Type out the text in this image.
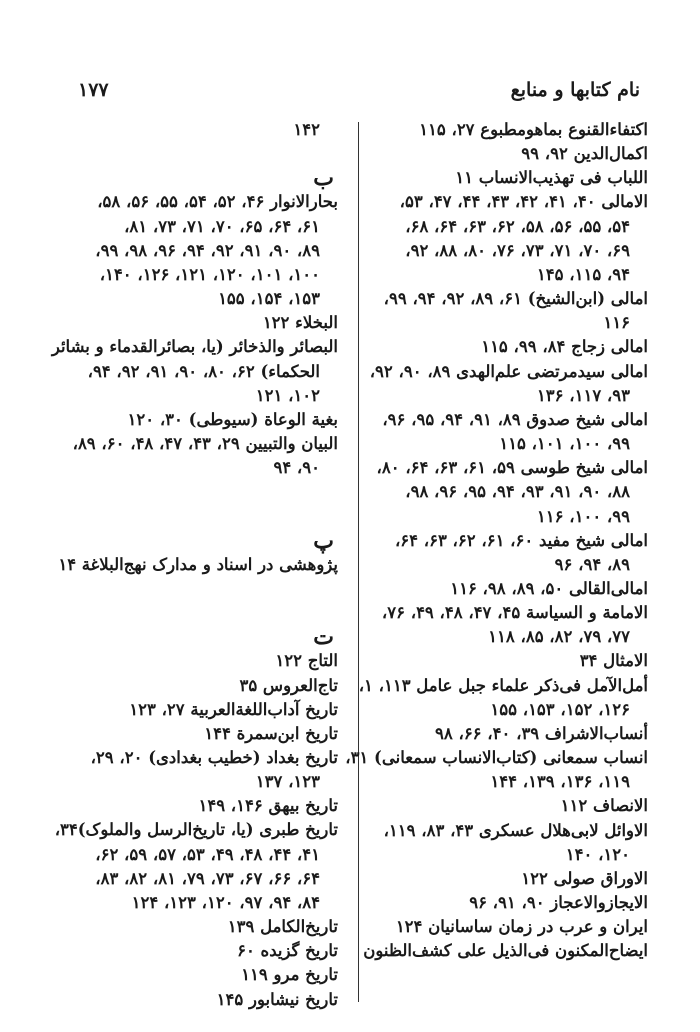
نام کتابها و منابع
۱۷۷
اکتفاءالقنوع بماهومطبوع ۲۷، ۱۱۵
اکمال‌الدین ۹۲، ۹۹
اللباب فی تهذیب‌الانساب ۱۱
الامالی ۴۰، ۴۱، ۴۲، ۴۳، ۴۴، ۴۷، ۵۳،
۵۴، ۵۵، ۵۶، ۵۸، ۶۲، ۶۳، ۶۴، ۶۸،
۶۹، ۷۰، ۷۱، ۷۳، ۷۶، ۸۰، ۸۸، ۹۲،
۹۴، ۱۱۵، ۱۴۵
امالی (ابن‌الشیخ) ۶۱، ۸۹، ۹۲، ۹۴، ۹۹،
۱۱۶
امالی زجاج ۸۴، ۹۹، ۱۱۵
امالی سیدمرتضی علم‌الهدی ۸۹، ۹۰، ۹۲،
۹۳، ۱۱۷، ۱۳۶
امالی شیخ صدوق ۸۹، ۹۱، ۹۴، ۹۵، ۹۶،
۹۹، ۱۰۰، ۱۰۱، ۱۱۵
امالی شیخ طوسی ۵۹، ۶۱، ۶۳، ۶۴، ۸۰،
۸۸، ۹۰، ۹۱، ۹۳، ۹۴، ۹۵، ۹۶، ۹۸،
۹۹، ۱۰۰، ۱۱۶
امالی شیخ مفید ۶۰، ۶۱، ۶۲، ۶۳، ۶۴،
۸۹، ۹۴، ۹۶
امالی‌القالی ۵۰، ۸۹، ۹۸، ۱۱۶
الامامة و السیاسة ۴۵، ۴۷، ۴۸، ۴۹، ۷۶،
۷۷، ۷۹، ۸۲، ۸۵، ۱۱۸
الامثال ۳۴
أمل‌الآمل فی‌ذکر علماء جبل عامل ۱۱۳، ۱،
۱۲۶، ۱۵۲، ۱۵۳، ۱۵۵
أنساب‌الاشراف ۳۹، ۴۰، ۶۶، ۹۸
انساب سمعانی (کتاب‌الانساب سمعانی) ۳۱،
۱۱۹، ۱۳۶، ۱۳۹، ۱۴۴
الانصاف ۱۱۲
الاوائل لابی‌هلال عسکری ۴۳، ۸۳، ۱۱۹،
۱۲۰، ۱۴۰
الاوراق صولی ۱۲۲
الایجازوالاعجاز ۹۰، ۹۱، ۹۶
ایران و عرب در زمان ساسانیان ۱۲۴
ایضاح‌المکنون فی‌الذیل علی کشف‌الظنون
۱۴۲
ب
بحارالانوار ۴۶، ۵۲، ۵۴، ۵۵، ۵۶، ۵۸،
۶۱، ۶۴، ۶۵، ۷۰، ۷۱، ۷۳، ۸۱،
۸۹، ۹۰، ۹۱، ۹۲، ۹۴، ۹۶، ۹۸، ۹۹،
۱۰۰، ۱۰۱، ۱۲۰، ۱۲۱، ۱۲۶، ۱۴۰،
۱۵۳، ۱۵۴، ۱۵۵
البخلاء ۱۲۲
البصائر والذخائر (یا، بصائرالقدماء و بشائر
الحکماء) ۶۲، ۸۰، ۹۰، ۹۱، ۹۲، ۹۴،
۱۰۲، ۱۲۱
بغیة الوعاة (سیوطی) ۳۰، ۱۲۰
البیان والتبیین ۲۹، ۴۳، ۴۷، ۴۸، ۶۰، ۸۹،
۹۰، ۹۴
پ
پژوهشی در اسناد و مدارک نهج‌البلاغة ۱۴
ت
التاج ۱۲۲
تاج‌العروس ۳۵
تاریخ آداب‌اللغةالعربیة ۲۷، ۱۲۳
تاریخ ابن‌سمرة ۱۴۴
تاریخ بغداد (خطیب بغدادی) ۲۰، ۲۹،
۱۲۳، ۱۳۷
تاریخ بیهق ۱۴۶، ۱۴۹
تاریخ طبری (یا، تاریخ‌الرسل والملوک)۳۴،
۴۱، ۴۴، ۴۸، ۴۹، ۵۳، ۵۷، ۵۹، ۶۲،
۶۴، ۶۶، ۶۷، ۷۳، ۷۹، ۸۱، ۸۲، ۸۳،
۸۴، ۹۴، ۹۷، ۱۲۰، ۱۲۳، ۱۲۴
تاریخ‌الکامل ۱۳۹
تاریخ گزیده ۶۰
تاریخ مرو ۱۱۹
تاریخ نیشابور ۱۴۵
